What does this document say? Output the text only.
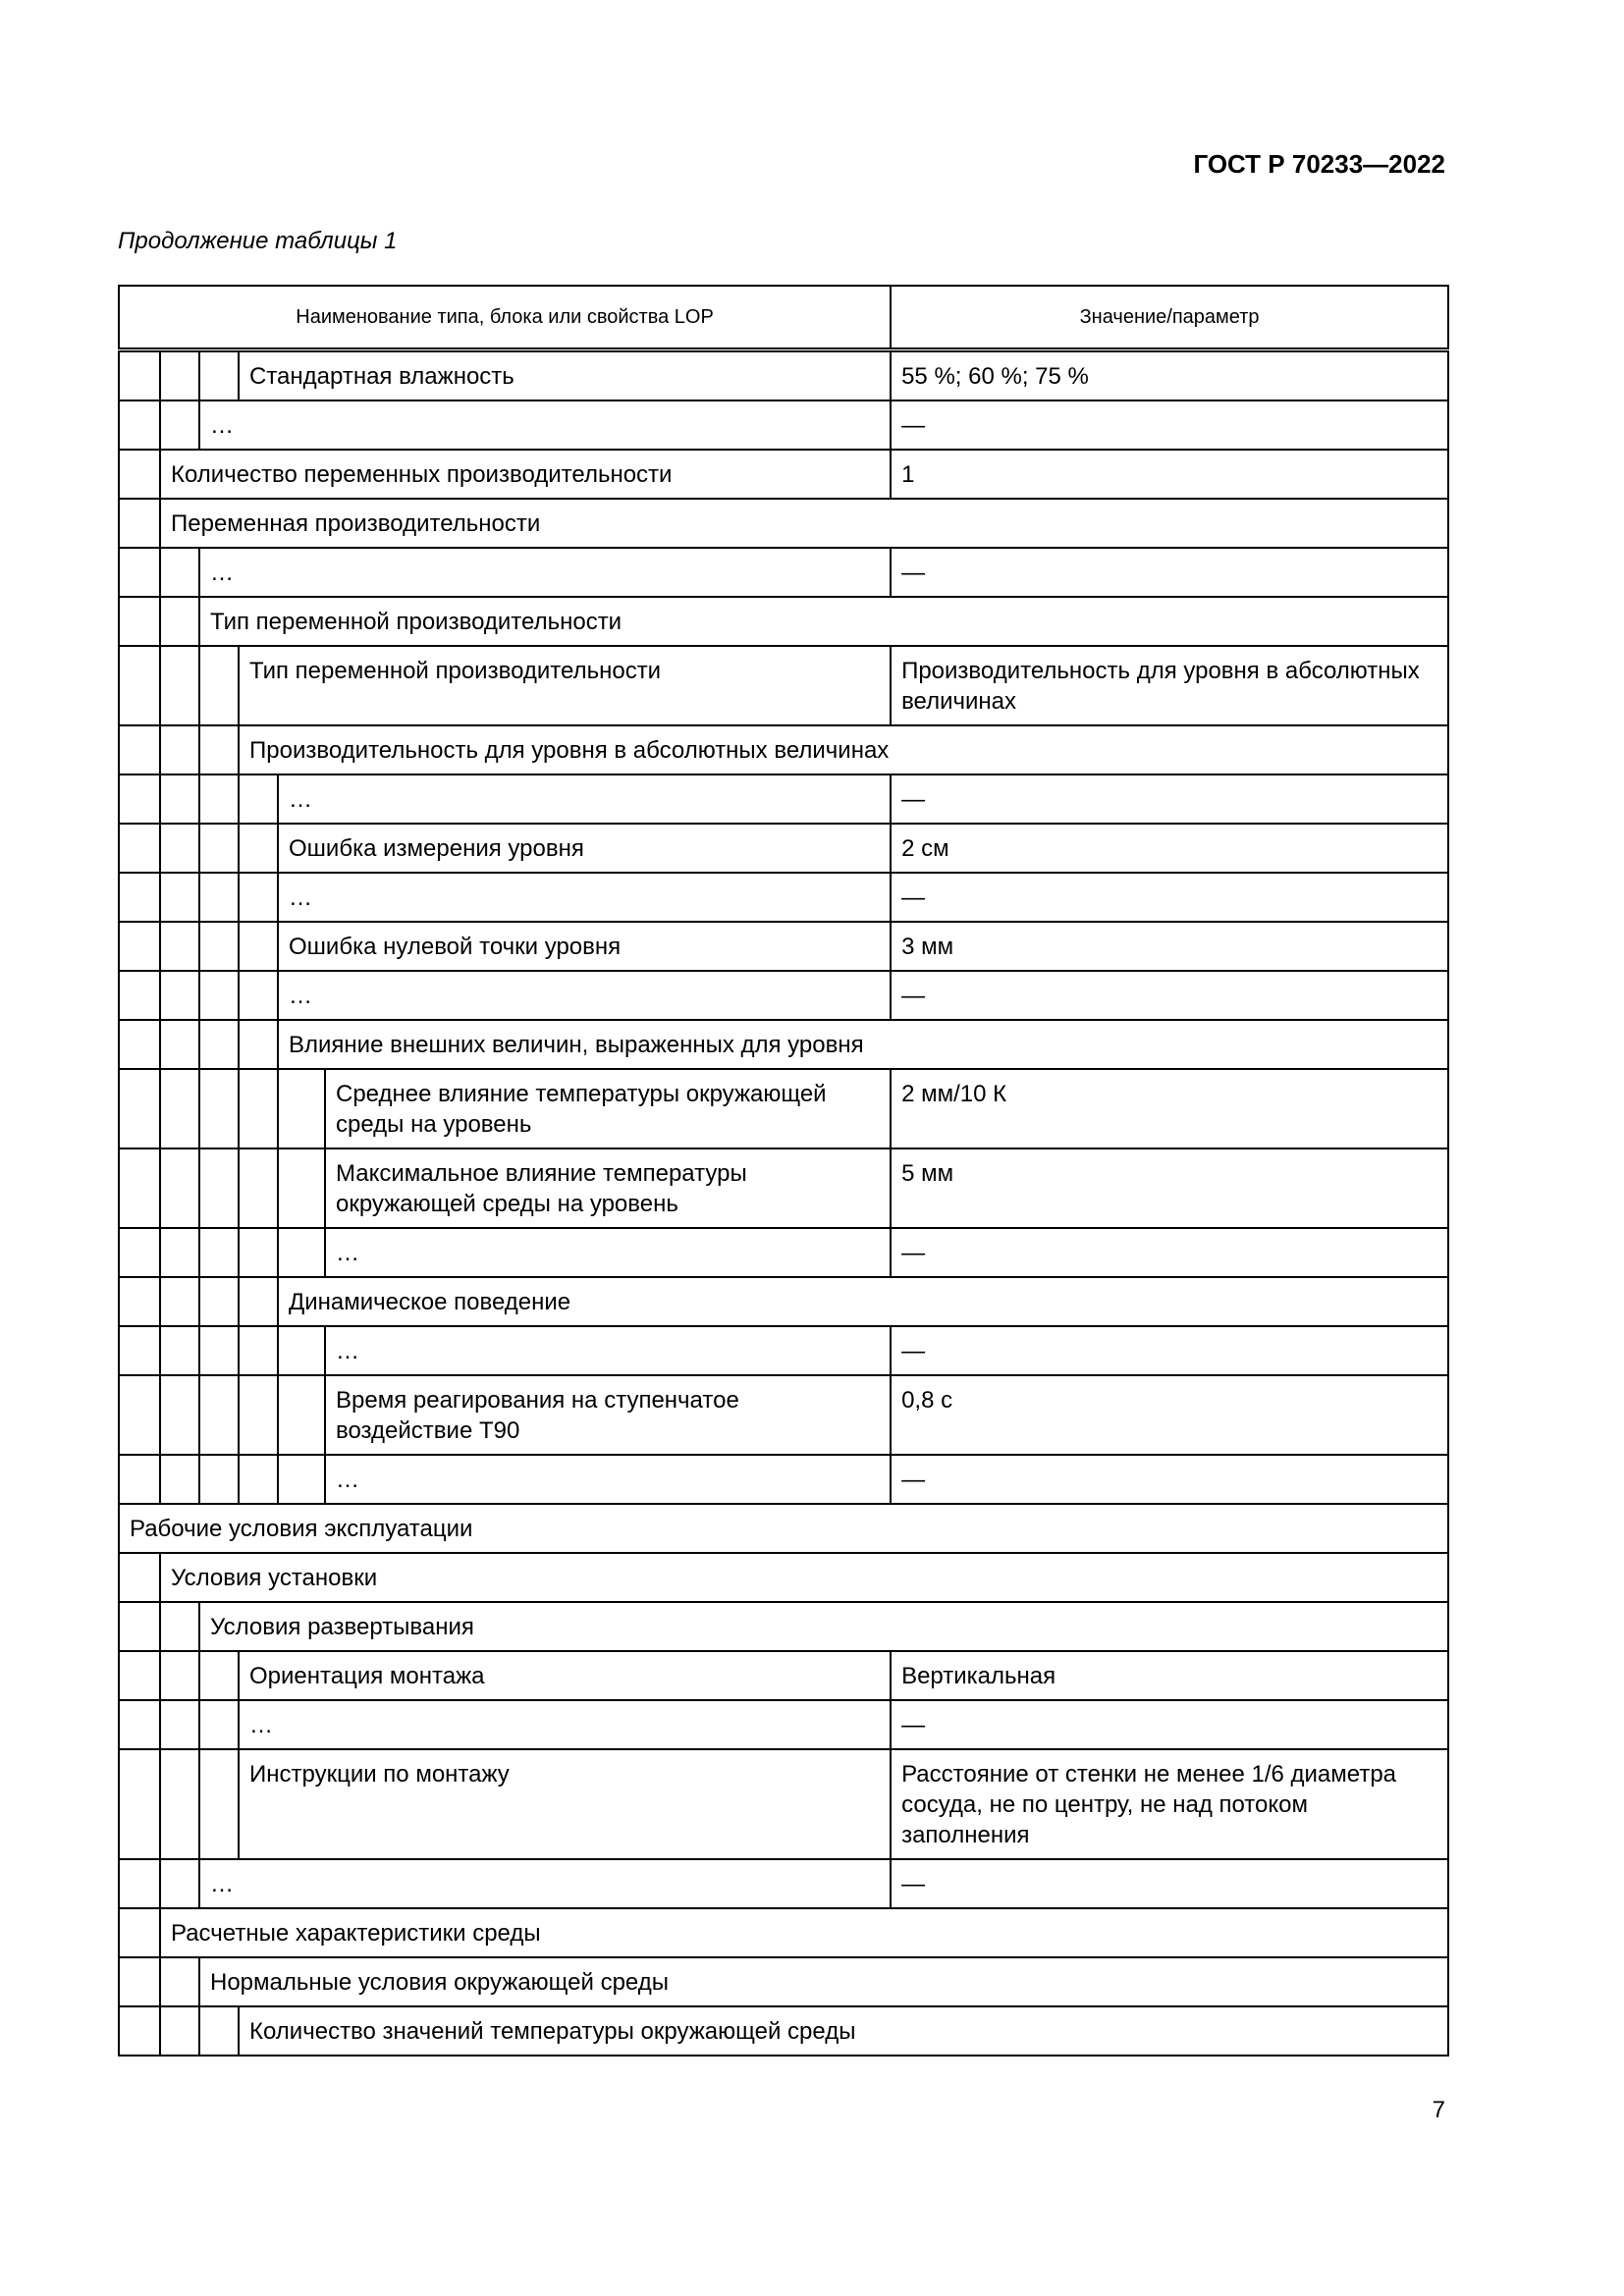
ГОСТ Р 70233—2022
Продолжение таблицы 1
Наименование типа, блока или свойства LOP						Значение/параметр
			Стандартная влажность			55 %; 60 %; 75 %
		…				—
	Количество переменных производительности					1
	Переменная производительности					
		…				—
		Тип переменной производительности				
			Тип переменной производительности			Производительность для уровня в абсолютных величинах
			Производительность для уровня в абсолютных величинах			
				…		—
				Ошибка измерения уровня		2 см
				…		—
				Ошибка нулевой точки уровня		3 мм
				…		—
				Влияние внешних величин, выраженных для уровня		
					Среднее влияние температуры окружающей среды на уровень	2 мм/10 К
					Максимальное влияние температуры окружающей среды на уровень	5 мм
					…	—
				Динамическое поведение		
					…	—
					Время реагирования на ступенчатое воздействие T90	0,8 с
					…	—
Рабочие условия эксплуатации						
	Условия установки					
		Условия развертывания				
			Ориентация монтажа			Вертикальная
			…			—
			Инструкции по монтажу			Расстояние от стенки не менее 1/6 диаметра сосуда, не по центру, не над потоком заполнения
		…				—
	Расчетные характеристики среды					
		Нормальные условия окружающей среды				
			Количество значений температуры окружающей среды			
7
